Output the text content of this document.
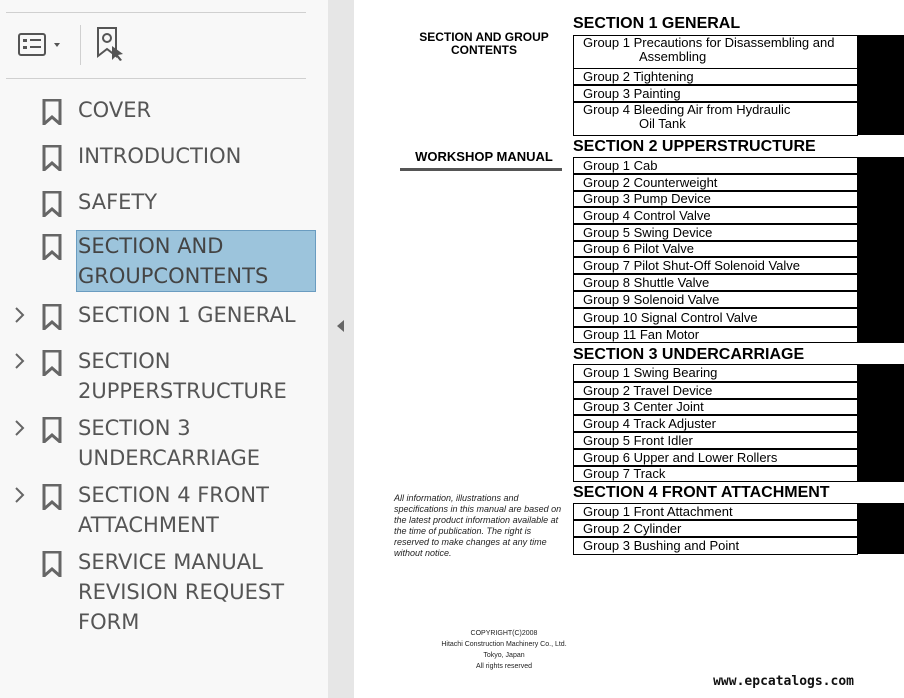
COVER
INTRODUCTION
SAFETY
SECTION AND
GROUPCONTENTS
SECTION 1 GENERAL
SECTION
2UPPERSTRUCTURE
SECTION 3
UNDERCARRIAGE
SECTION 4 FRONT
ATTACHMENT
SERVICE MANUAL
REVISION REQUEST
FORM
SECTION AND GROUP
CONTENTS
WORKSHOP MANUAL
All information, illustrations and specifications in this manual are based on the latest product information available at the time of publication. The right is reserved to make changes at any time without notice.
COPYRIGHT(C)2008
Hitachi Construction Machinery Co., Ltd.
Tokyo, Japan
All rights reserved
SECTION 1 GENERAL
Group 1 Precautions for Disassembling and
Assembling
Group 2 Tightening
Group 3 Painting
Group 4 Bleeding Air from Hydraulic
Oil Tank
SECTION 2 UPPERSTRUCTURE
Group 1 Cab
Group 2 Counterweight
Group 3 Pump Device
Group 4 Control Valve
Group 5 Swing Device
Group 6 Pilot Valve
Group 7 Pilot Shut-Off Solenoid Valve
Group 8 Shuttle Valve
Group 9 Solenoid Valve
Group 10 Signal Control Valve
Group 11 Fan Motor
SECTION 3 UNDERCARRIAGE
Group 1 Swing Bearing
Group 2 Travel Device
Group 3 Center Joint
Group 4 Track Adjuster
Group 5 Front Idler
Group 6 Upper and Lower Rollers
Group 7 Track
SECTION 4 FRONT ATTACHMENT
Group 1 Front Attachment
Group 2 Cylinder
Group 3 Bushing and Point
www.epcatalogs.com
